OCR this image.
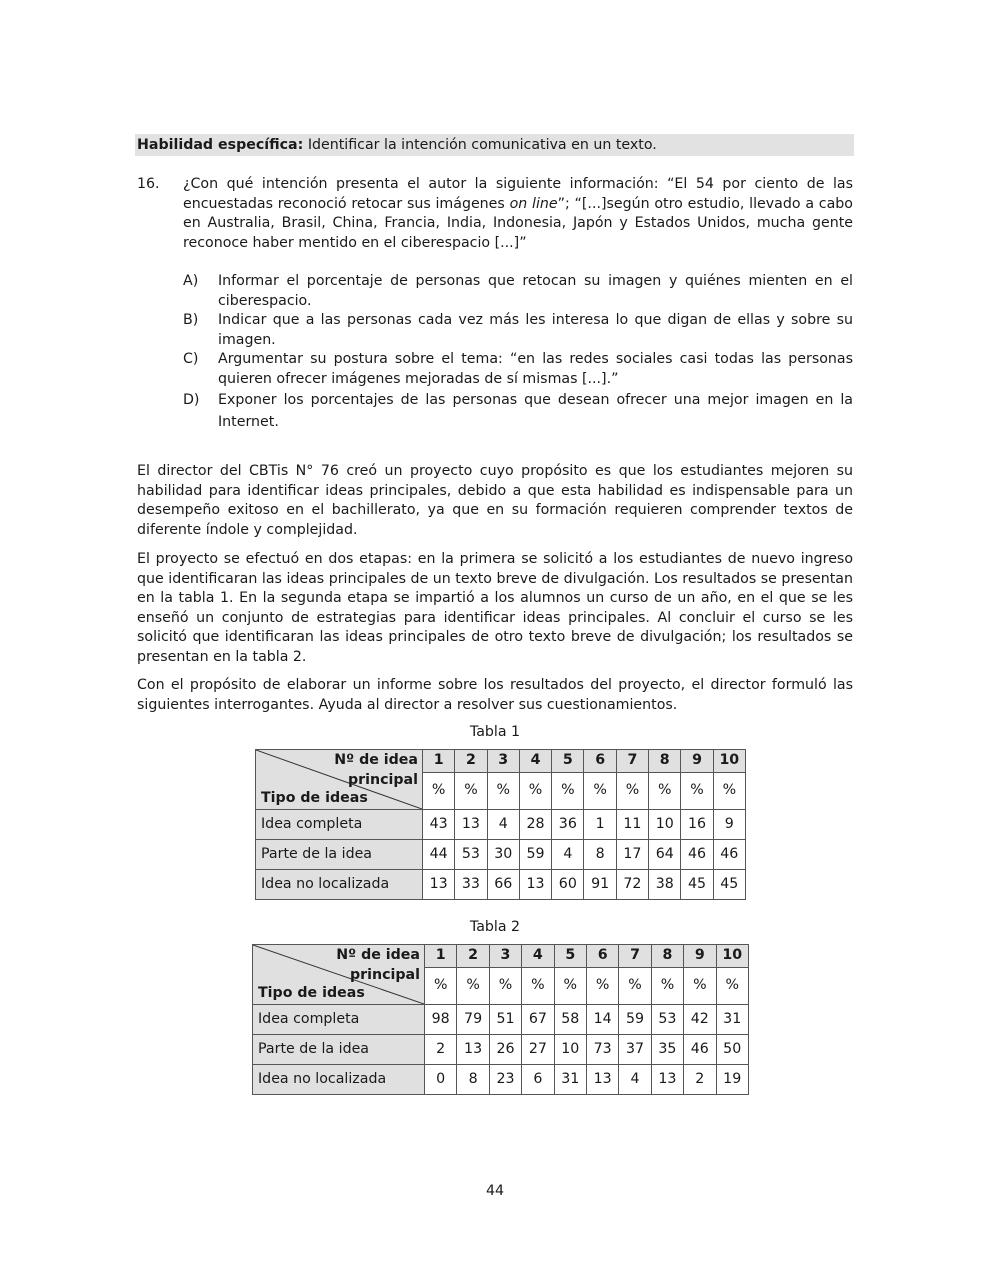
Habilidad específica: Identificar la intención comunicativa en un texto.
16. ¿Con qué intención presenta el autor la siguiente información: “El 54 por ciento de las encuestadas reconoció retocar sus imágenes on line”; “[...]según otro estudio, llevado a cabo en Australia, Brasil, China, Francia, India, Indonesia, Japón y Estados Unidos, mucha gente reconoce haber mentido en el ciberespacio [...]”
A) Informar el porcentaje de personas que retocan su imagen y quiénes mienten en el ciberespacio.
B) Indicar que a las personas cada vez más les interesa lo que digan de ellas y sobre su imagen.
C) Argumentar su postura sobre el tema: “en las redes sociales casi todas las personas quieren ofrecer imágenes mejoradas de sí mismas [...].”
D) Exponer los porcentajes de las personas que desean ofrecer una mejor imagen en la Internet.
El director del CBTis N° 76 creó un proyecto cuyo propósito es que los estudiantes mejoren su habilidad para identificar ideas principales, debido a que esta habilidad es indispensable para un desempeño exitoso en el bachillerato, ya que en su formación requieren comprender textos de diferente índole y complejidad.
El proyecto se efectuó en dos etapas: en la primera se solicitó a los estudiantes de nuevo ingreso que identificaran las ideas principales de un texto breve de divulgación. Los resultados se presentan en la tabla 1. En la segunda etapa se impartió a los alumnos un curso de un año, en el que se les enseñó un conjunto de estrategias para identificar ideas principales. Al concluir el curso se les solicitó que identificaran las ideas principales de otro texto breve de divulgación; los resultados se presentan en la tabla 2.
Con el propósito de elaborar un informe sobre los resultados del proyecto, el director formuló las siguientes interrogantes. Ayuda al director a resolver sus cuestionamientos.
Tabla 1
Nº de idea
principal
Tipo de ideas	1	2	3	4	5	6	7	8	9	10
	%	%	%	%	%	%	%	%	%	%
Idea completa	43	13	4	28	36	1	11	10	16	9
Parte de la idea	44	53	30	59	4	8	17	64	46	46
Idea no localizada	13	33	66	13	60	91	72	38	45	45
Tabla 2
Nº de idea
principal
Tipo de ideas	1	2	3	4	5	6	7	8	9	10
	%	%	%	%	%	%	%	%	%	%
Idea completa	98	79	51	67	58	14	59	53	42	31
Parte de la idea	2	13	26	27	10	73	37	35	46	50
Idea no localizada	0	8	23	6	31	13	4	13	2	19
44
